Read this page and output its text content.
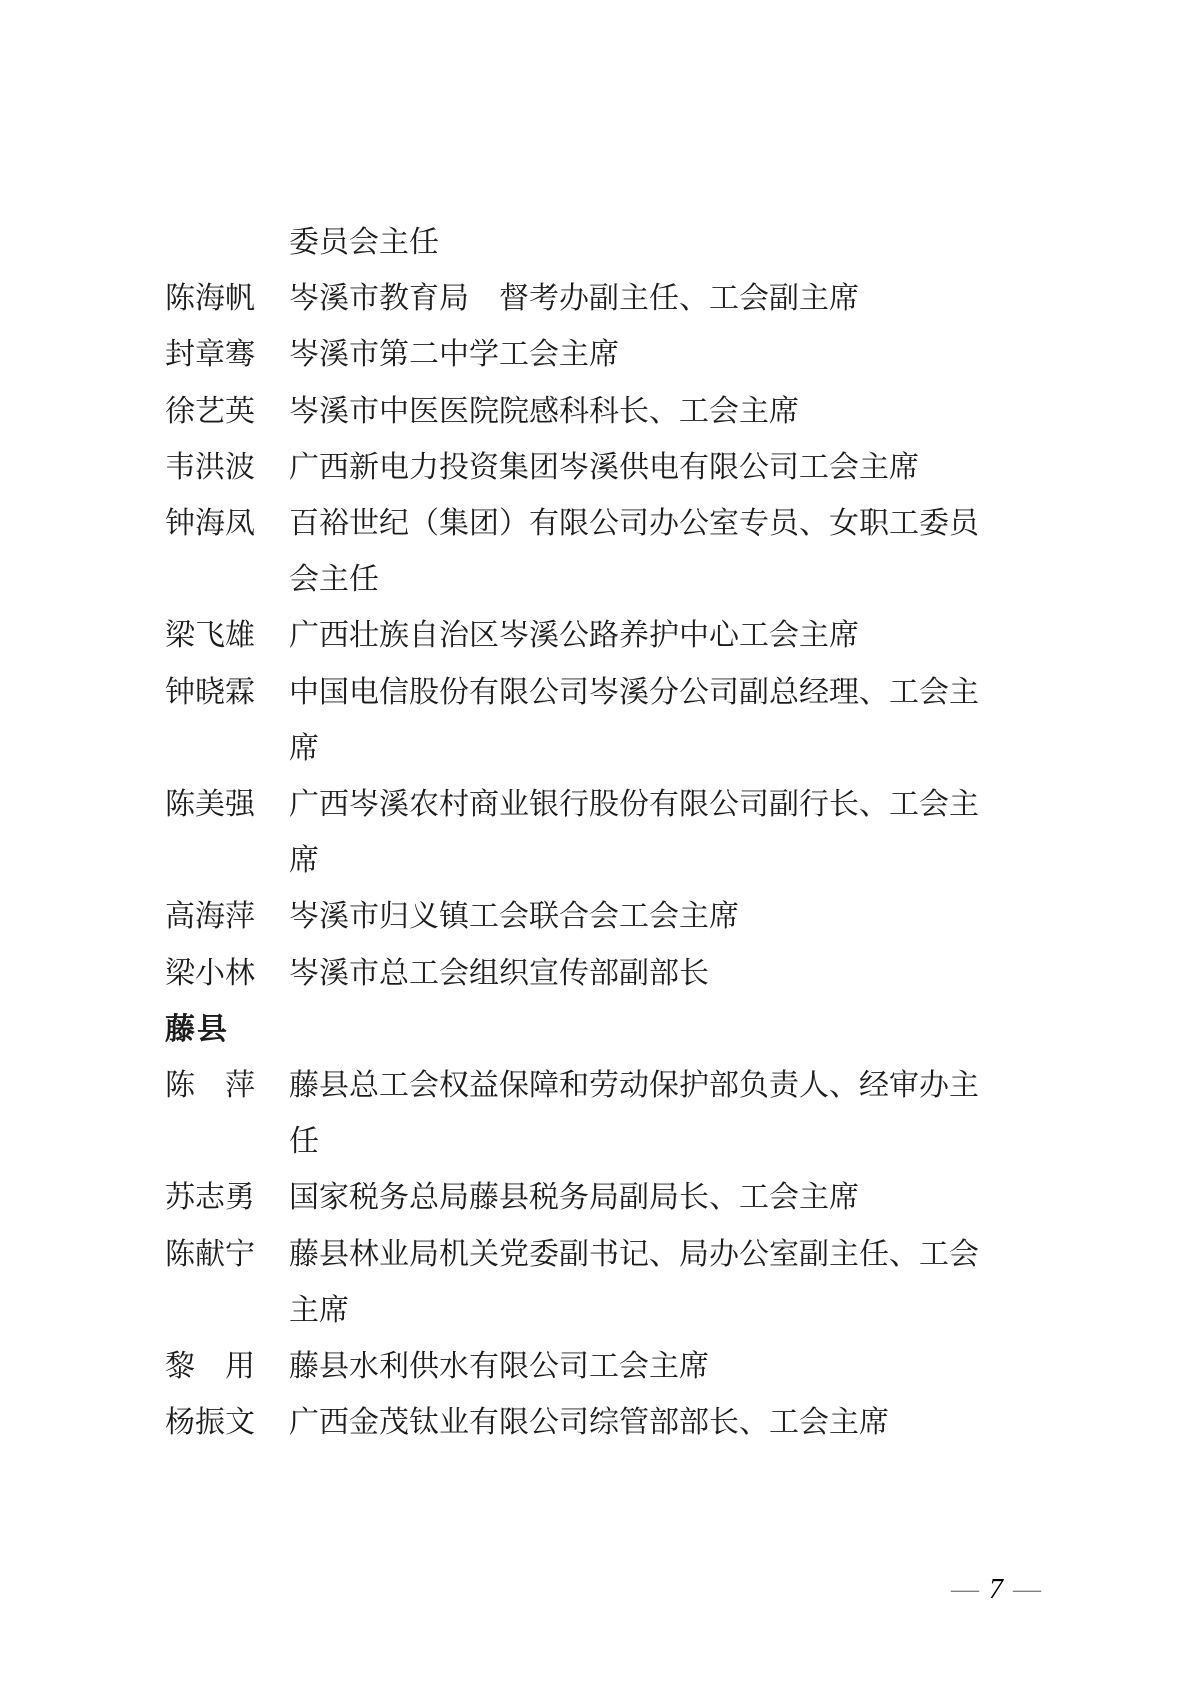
委员会主任
陈海帆 岑溪市教育局　督考办副主任、工会副主席
封章骞 岑溪市第二中学工会主席
徐艺英 岑溪市中医医院院感科科长、工会主席
韦洪波 广西新电力投资集团岑溪供电有限公司工会主席
钟海凤 百裕世纪（集团）有限公司办公室专员、女职工委员
会主任
梁飞雄 广西壮族自治区岑溪公路养护中心工会主席
钟晓霖 中国电信股份有限公司岑溪分公司副总经理、工会主
席
陈美强 广西岑溪农村商业银行股份有限公司副行长、工会主
席
高海萍 岑溪市归义镇工会联合会工会主席
梁小林 岑溪市总工会组织宣传部副部长
藤县
陈　萍 藤县总工会权益保障和劳动保护部负责人、经审办主
任
苏志勇 国家税务总局藤县税务局副局长、工会主席
陈献宁 藤县林业局机关党委副书记、局办公室副主任、工会
主席
黎　用 藤县水利供水有限公司工会主席
杨振文 广西金茂钛业有限公司综管部部长、工会主席
— 7 —
